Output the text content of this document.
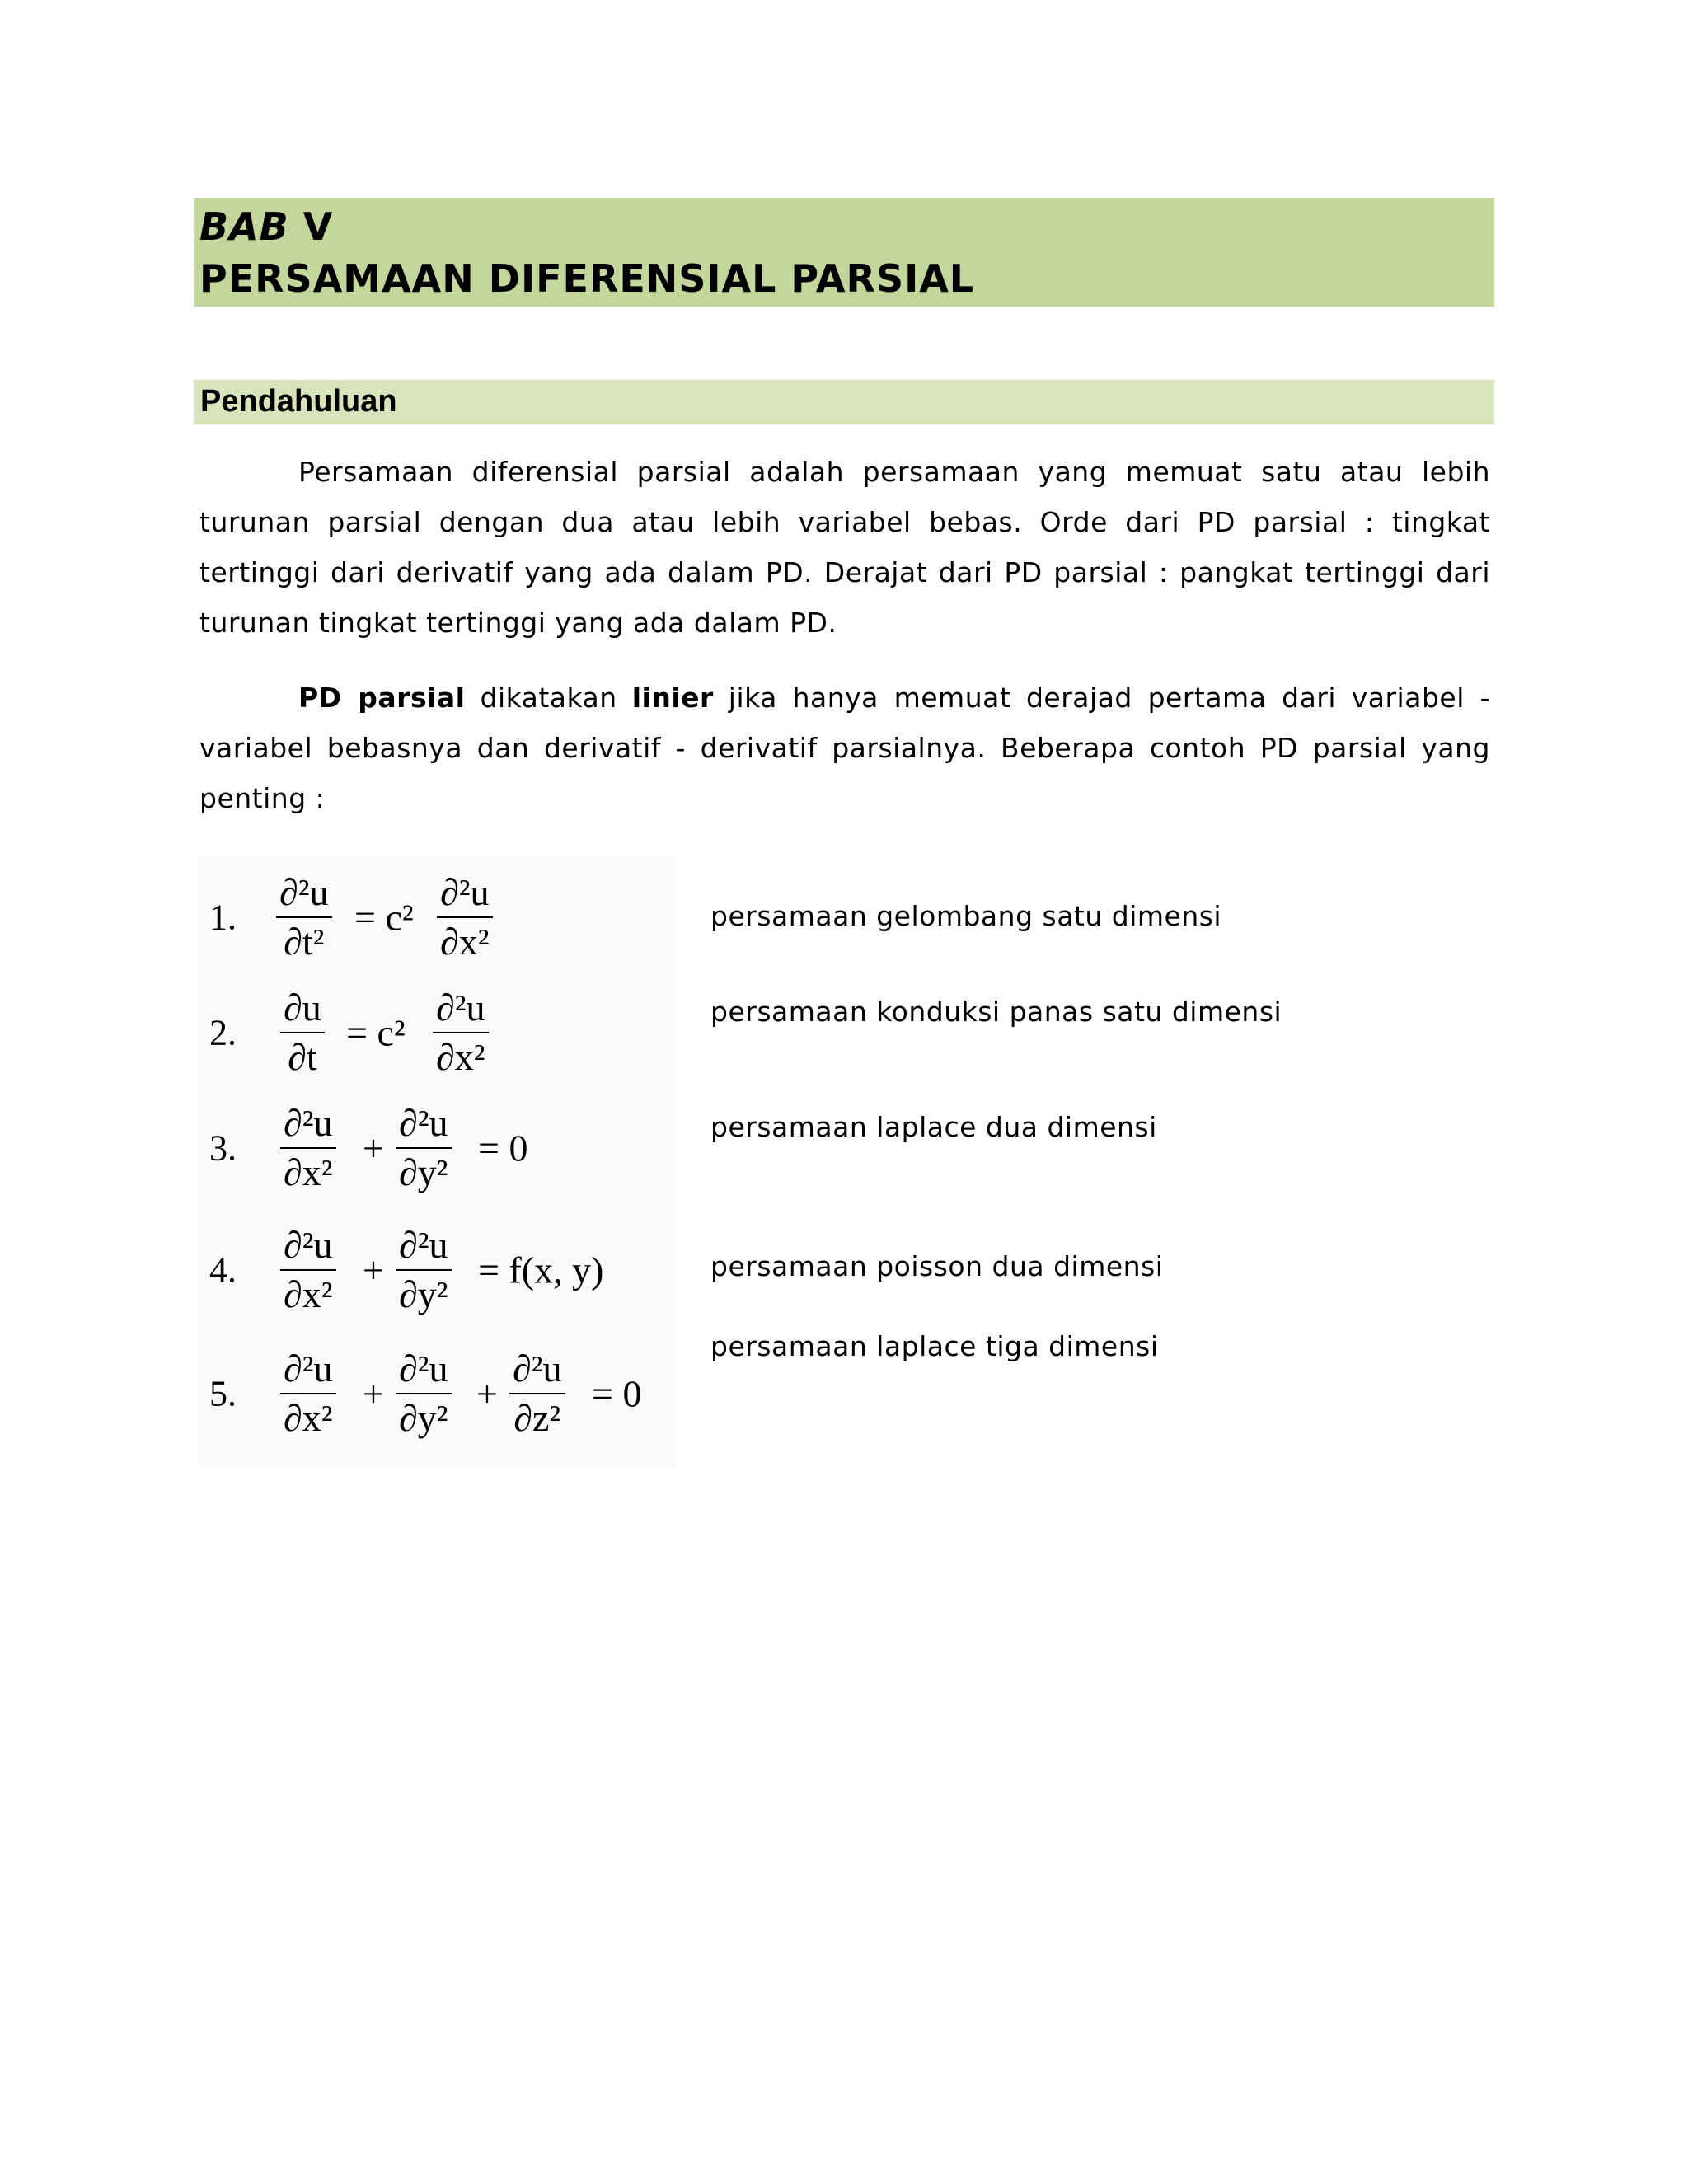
BAB V
PERSAMAAN DIFERENSIAL PARSIAL
Pendahuluan
Persamaan diferensial parsial adalah persamaan yang memuat satu atau lebih turunan parsial dengan dua atau lebih variabel bebas. Orde dari PD parsial : tingkat tertinggi dari derivatif yang ada dalam PD. Derajat dari PD parsial : pangkat tertinggi dari turunan tingkat tertinggi yang ada dalam PD.
PD parsial dikatakan linier jika hanya memuat derajad pertama dari variabel - variabel bebasnya dan derivatif - derivatif parsialnya. Beberapa contoh PD parsial yang penting :
1.
∂²u
∂t²
= c²
∂²u
∂x²
2.
∂u
∂t
= c²
∂²u
∂x²
3.
∂²u
∂x²
+
∂²u
∂y²
= 0
4.
∂²u
∂x²
+
∂²u
∂y²
= f(x, y)
5.
∂²u
∂x²
+
∂²u
∂y²
+
∂²u
∂z²
= 0
persamaan gelombang satu dimensi
persamaan konduksi panas satu dimensi
persamaan laplace dua dimensi
persamaan poisson dua dimensi
persamaan laplace tiga dimensi
